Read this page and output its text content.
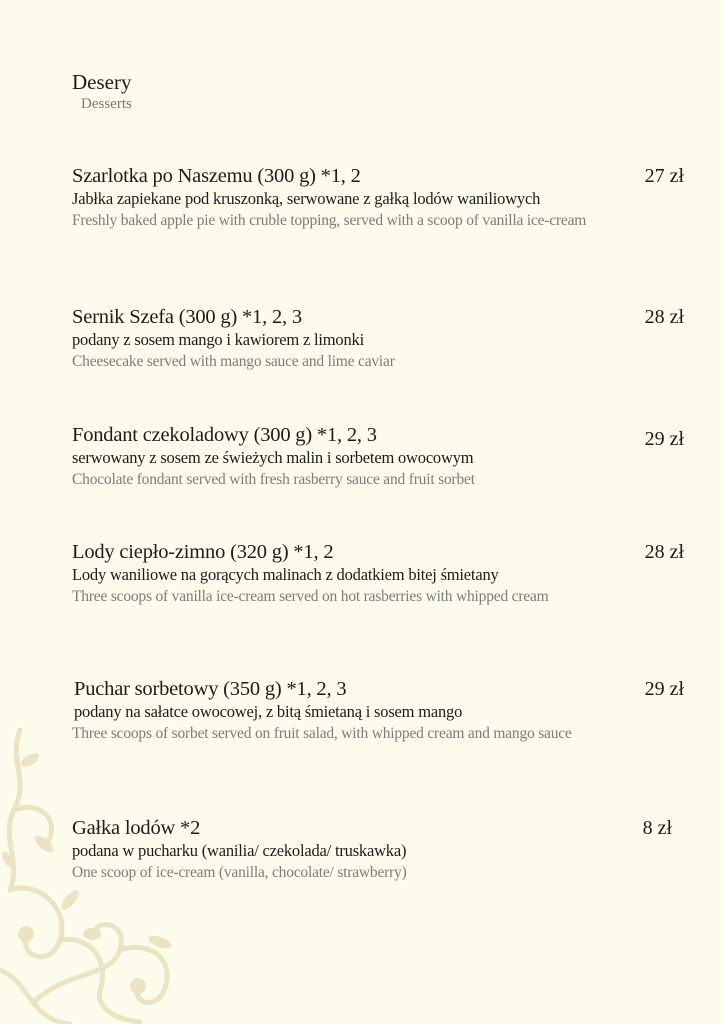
Desery
Desserts
Szarlotka po Naszemu (300 g) *1, 2	27 zł
Jabłka zapiekane pod kruszonką, serwowane z gałką lodów waniliowych
Freshly baked apple pie with cruble topping, served with a scoop of vanilla ice-cream
Sernik Szefa (300 g) *1, 2, 3	28 zł
podany z sosem mango i kawiorem z limonki
Cheesecake served with mango sauce and lime caviar
Fondant czekoladowy (300 g) *1, 2, 3	29 zł
serwowany z sosem ze świeżych malin i sorbetem owocowym
Chocolate fondant served with fresh rasberry sauce and fruit sorbet
Lody ciepło-zimno (320 g) *1, 2	28 zł
Lody waniliowe na gorących malinach z dodatkiem bitej śmietany
Three scoops of vanilla ice-cream served on hot rasberries with whipped cream
Puchar sorbetowy (350 g) *1, 2, 3	29 zł
podany na sałatce owocowej, z bitą śmietaną i sosem mango
Three scoops of sorbet served on fruit salad, with whipped cream and mango sauce
Gałka lodów *2	8 zł
podana w pucharku (wanilia/ czekolada/ truskawka)
One scoop of ice-cream (vanilla, chocolate/ strawberry)
